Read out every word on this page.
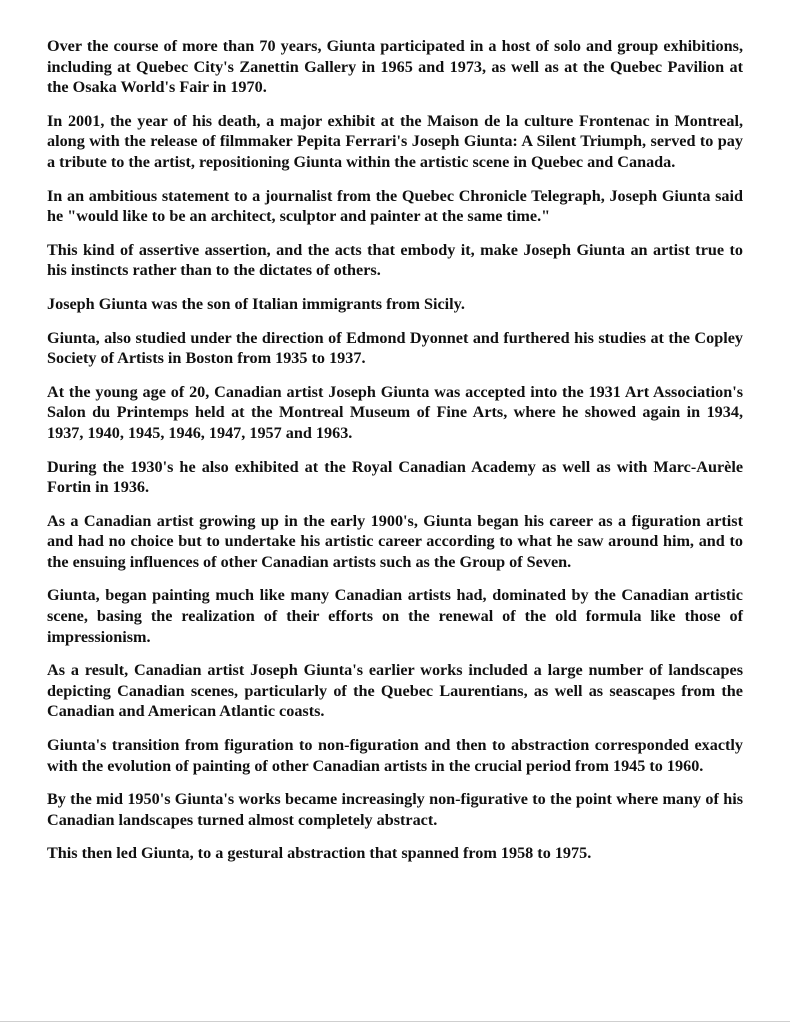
Over the course of more than 70 years, Giunta participated in a host of solo and group exhibitions, including at Quebec City's Zanettin Gallery in 1965 and 1973, as well as at the Quebec Pavilion at the Osaka World's Fair in 1970.

In 2001, the year of his death, a major exhibit at the Maison de la culture Frontenac in Montreal, along with the release of filmmaker Pepita Ferrari's Joseph Giunta: A Silent Triumph, served to pay a tribute to the artist, repositioning Giunta within the artistic scene in Quebec and Canada.

In an ambitious statement to a journalist from the Quebec Chronicle Telegraph, Joseph Giunta said he "would like to be an architect, sculptor and painter at the same time."

This kind of assertive assertion, and the acts that embody it, make Joseph Giunta an artist true to his instincts rather than to the dictates of others.

Joseph Giunta was the son of Italian immigrants from Sicily.

Giunta, also studied under the direction of Edmond Dyonnet and furthered his studies at the Copley Society of Artists in Boston from 1935 to 1937.

At the young age of 20, Canadian artist Joseph Giunta was accepted into the 1931 Art Association's Salon du Printemps held at the Montreal Museum of Fine Arts, where he showed again in 1934, 1937, 1940, 1945, 1946, 1947, 1957 and 1963.

During the 1930's he also exhibited at the Royal Canadian Academy as well as with Marc-Aurèle Fortin in 1936.

As a Canadian artist growing up in the early 1900's, Giunta began his career as a figuration artist and had no choice but to undertake his artistic career according to what he saw around him, and to the ensuing influences of other Canadian artists such as the Group of Seven.

Giunta, began painting much like many Canadian artists had, dominated by the Canadian artistic scene, basing the realization of their efforts on the renewal of the old formula like those of impressionism.

As a result, Canadian artist Joseph Giunta's earlier works included a large number of landscapes depicting Canadian scenes, particularly of the Quebec Laurentians, as well as seascapes from the Canadian and American Atlantic coasts.

Giunta's transition from figuration to non-figuration and then to abstraction corresponded exactly with the evolution of painting of other Canadian artists in the crucial period from 1945 to 1960.

By the mid 1950's Giunta's works became increasingly non-figurative to the point where many of his Canadian landscapes turned almost completely abstract.

This then led Giunta, to a gestural abstraction that spanned from 1958 to 1975.
